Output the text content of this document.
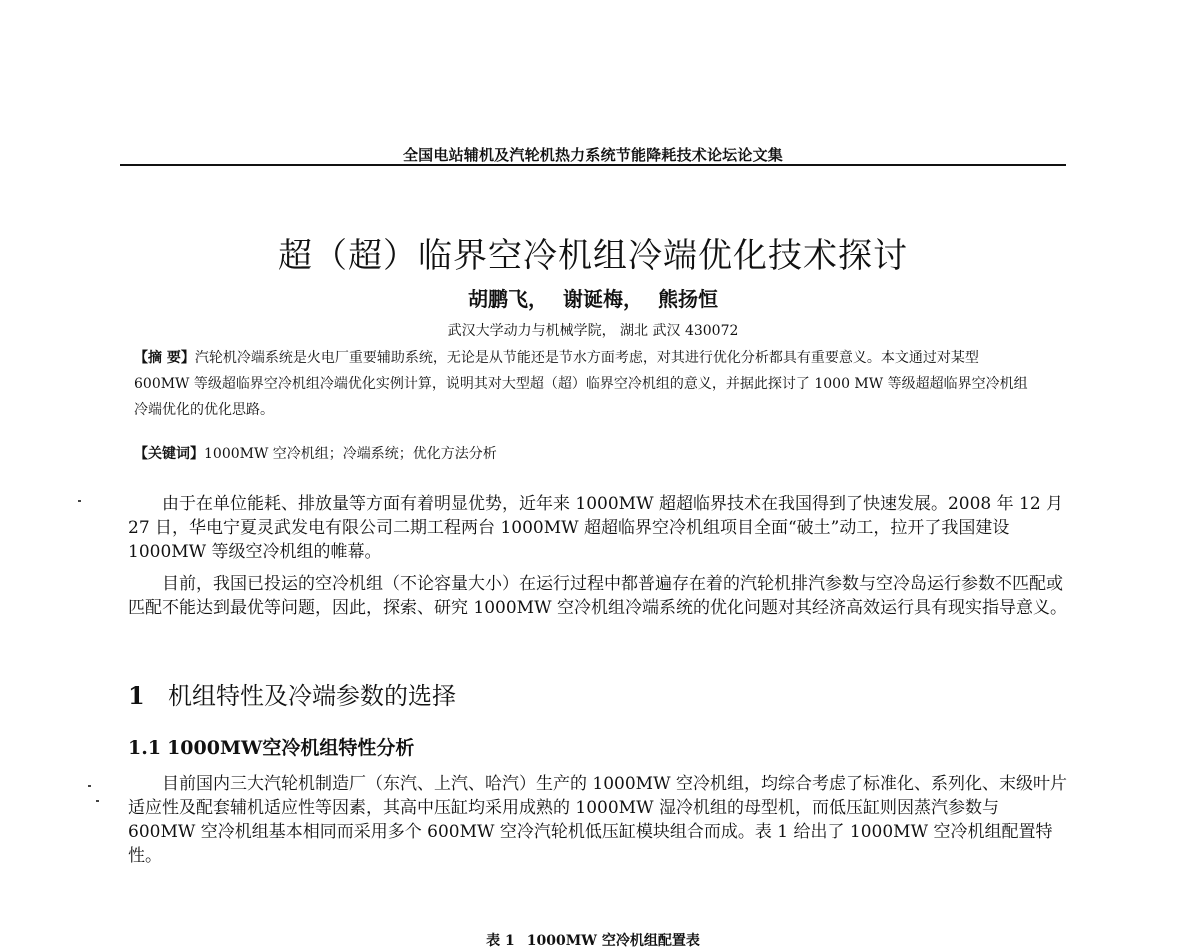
全国电站辅机及汽轮机热力系统节能降耗技术论坛论文集
超（超）临界空冷机组冷端优化技术探讨
胡鹏飞， 谢诞梅， 熊扬恒
武汉大学动力与机械学院， 湖北 武汉 430072
【摘 要】汽轮机冷端系统是火电厂重要辅助系统，无论是从节能还是节水方面考虑，对其进行优化分析都具有重要意义。本文通过对某型 600MW 等级超临界空冷机组冷端优化实例计算，说明其对大型超（超）临界空冷机组的意义，并据此探讨了 1000 MW 等级超超临界空冷机组冷端优化的优化思路。
【关键词】1000MW 空冷机组；冷端系统；优化方法分析
由于在单位能耗、排放量等方面有着明显优势，近年来 1000MW 超超临界技术在我国得到了快速发展。2008 年 12 月 27 日，华电宁夏灵武发电有限公司二期工程两台 1000MW 超超临界空冷机组项目全面“破土”动工，拉开了我国建设 1000MW 等级空冷机组的帷幕。
目前，我国已投运的空冷机组（不论容量大小）在运行过程中都普遍存在着的汽轮机排汽参数与空冷岛运行参数不匹配或匹配不能达到最优等问题，因此，探索、研究 1000MW 空冷机组冷端系统的优化问题对其经济高效运行具有现实指导意义。
1 机组特性及冷端参数的选择
1.1 1000MW空冷机组特性分析
目前国内三大汽轮机制造厂（东汽、上汽、哈汽）生产的 1000MW 空冷机组，均综合考虑了标准化、系列化、末级叶片适应性及配套辅机适应性等因素，其高中压缸均采用成熟的 1000MW 湿冷机组的母型机，而低压缸则因蒸汽参数与 600MW 空冷机组基本相同而采用多个 600MW 空冷汽轮机低压缸模块组合而成。表 1 给出了 1000MW 空冷机组配置特性。
表 1 1000MW 空冷机组配置表
